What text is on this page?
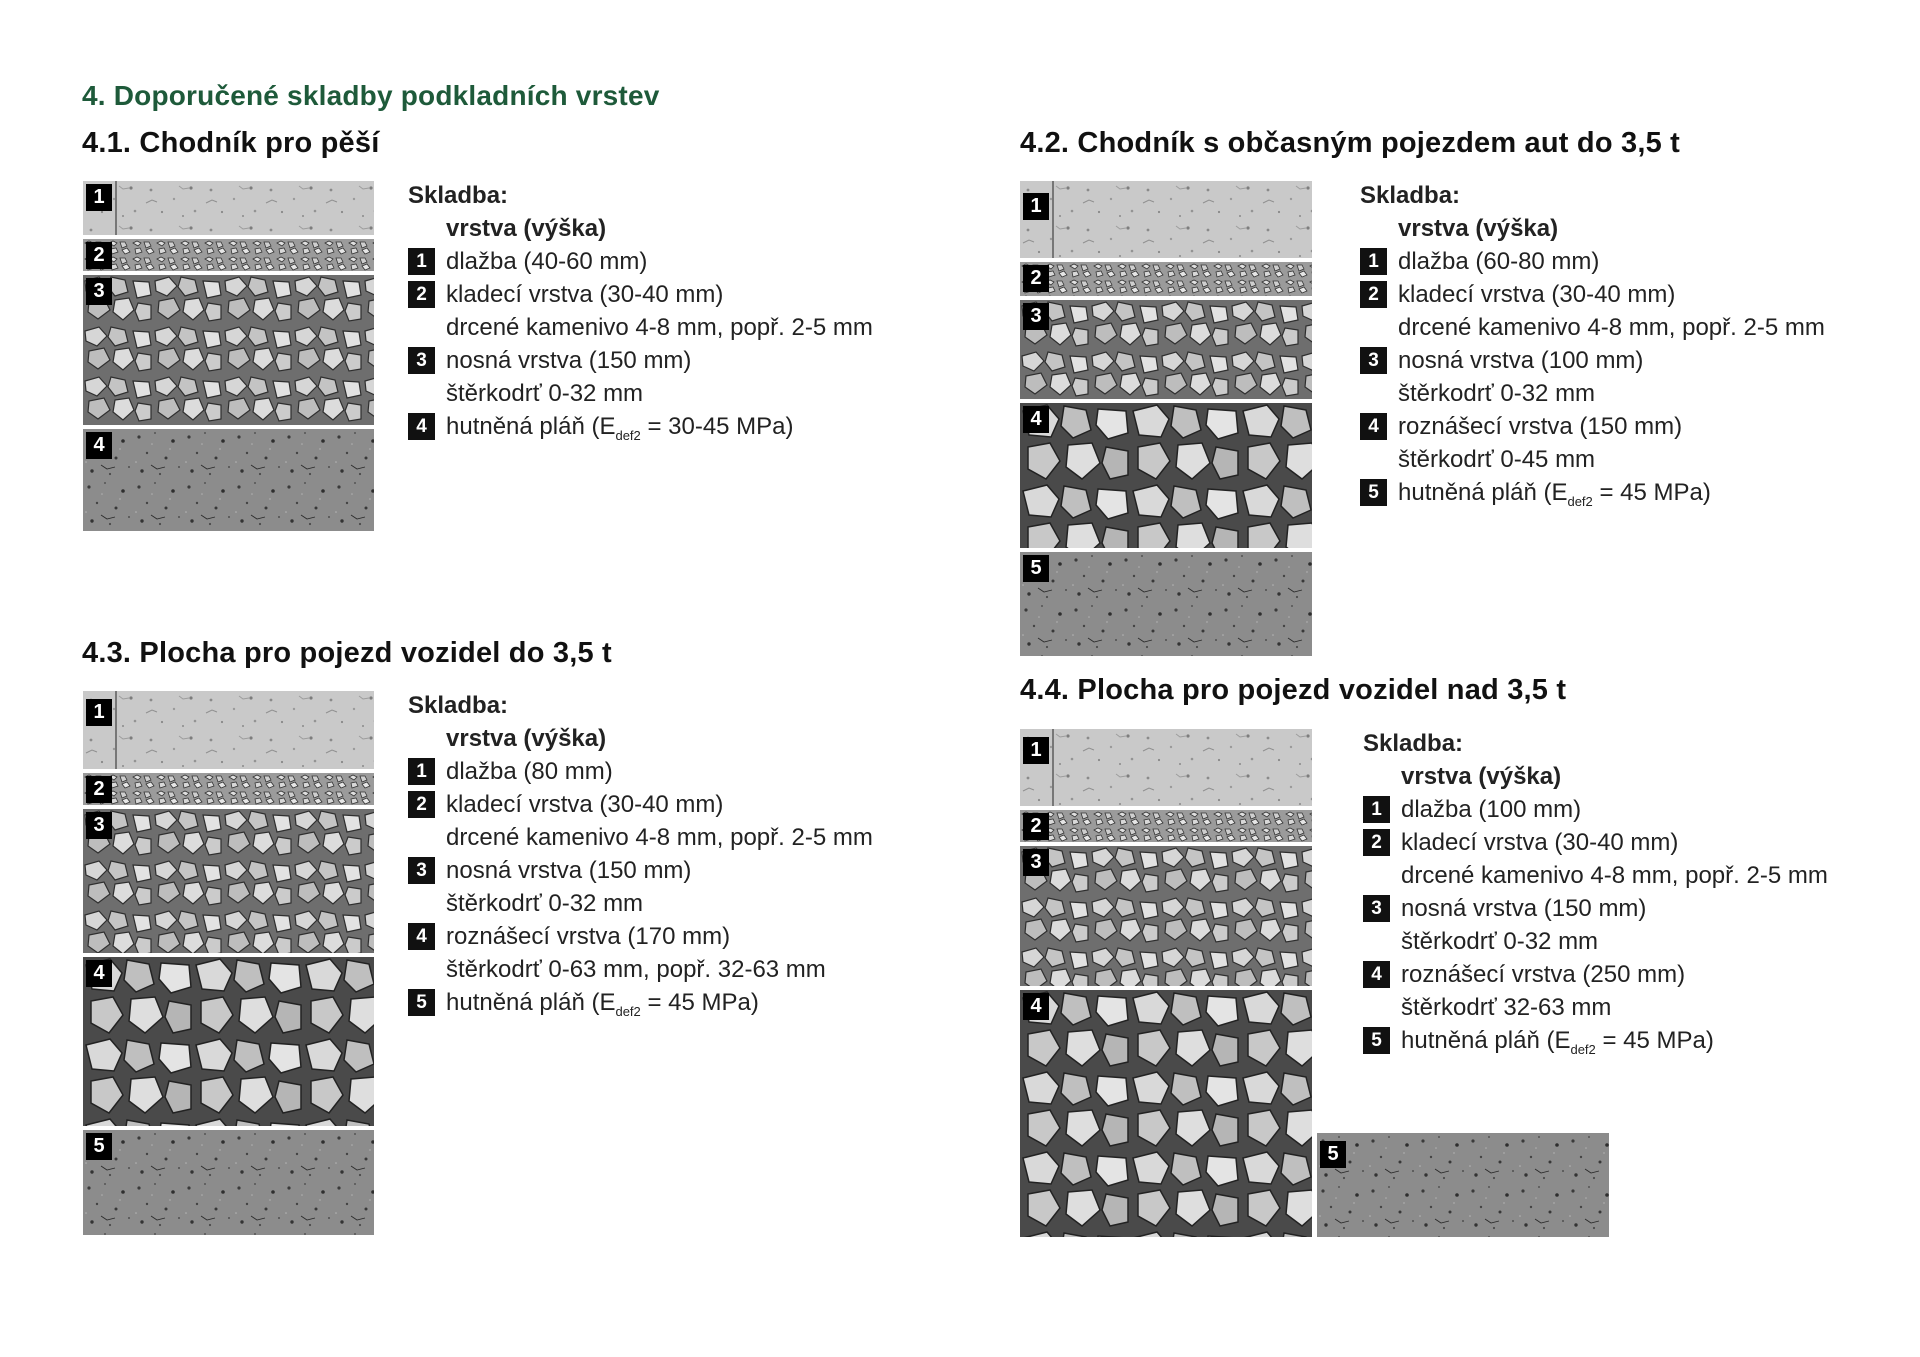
4. Doporučené skladby podkladních vrstev
4.1. Chodník pro pěší
1
2
3
4
Skladba:
vrstva (výška)
1 dlažba (40-60 mm)
2 kladecí vrstva (30-40 mm)
drcené kamenivo 4-8 mm, popř. 2-5 mm
3 nosná vrstva (150 mm)
štěrkodrť 0-32 mm
4 hutněná pláň ($E_{def2} = 30-45$ MPa)
4.2. Chodník s občasným pojezdem aut do 3,5 t
1
2
3
4
5
Skladba:
vrstva (výška)
1 dlažba (60-80 mm)
2 kladecí vrstva (30-40 mm)
drcené kamenivo 4-8 mm, popř. 2-5 mm
3 nosná vrstva (100 mm)
štěrkodrť 0-32 mm
4 roznášecí vrstva (150 mm)
štěrkodrť 0-45 mm
5 hutněná pláň ($E_{def2} = 45$ MPa)
4.3. Plocha pro pojezd vozidel do 3,5 t
1
2
3
4
5
Skladba:
vrstva (výška)
1 dlažba (80 mm)
2 kladecí vrstva (30-40 mm)
drcené kamenivo 4-8 mm, popř. 2-5 mm
3 nosná vrstva (150 mm)
štěrkodrť 0-32 mm
4 roznášecí vrstva (170 mm)
štěrkodrť 0-63 mm, popř. 32-63 mm
5 hutněná pláň ($E_{def2} = 45$ MPa)
4.4. Plocha pro pojezd vozidel nad 3,5 t
1
2
3
4
5
Skladba:
vrstva (výška)
1 dlažba (100 mm)
2 kladecí vrstva (30-40 mm)
drcené kamenivo 4-8 mm, popř. 2-5 mm
3 nosná vrstva (150 mm)
štěrkodrť 0-32 mm
4 roznášecí vrstva (250 mm)
štěrkodrť 32-63 mm
5 hutněná pláň ($E_{def2} = 45$ MPa)
